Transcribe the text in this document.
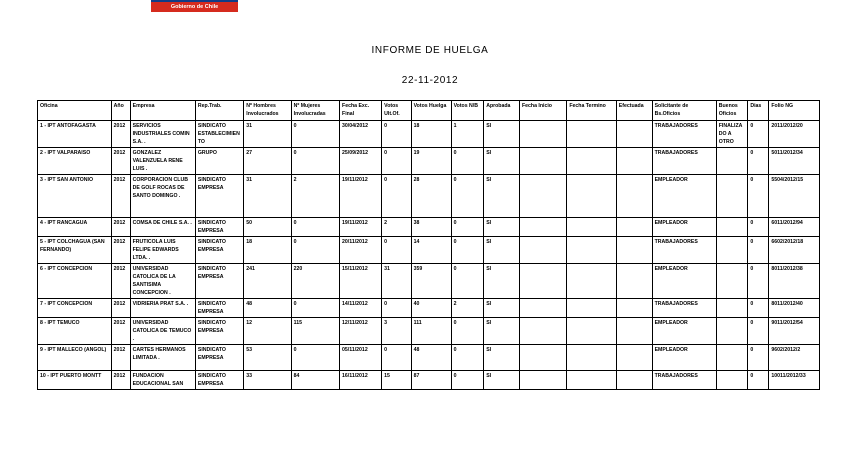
Gobierno de Chile
INFORME DE HUELGA
22-11-2012
Oficina	Año	Empresa	Rep.Trab.	Nº Hombres Involucrados	Nº Mujeres Involucradas	Fecha Exc. Final	Votos Ult.Of.	Votos Huelga	Votos N/B	Aprobada	Fecha Inicio	Fecha Termino	Efectuada	Solicitante de Bs.Oficios	Buenos Oficios	Dias	Folio NG
1 - IPT ANTOFAGASTA	2012	SERVICIOS INDUSTRIALES COMIN S.A. .	SINDICATO ESTABLECIMIENTO	31	0	30/04/2012	0	18	1	SI				TRABAJADORES	FINALIZADO A OTRO	0	2011/2012/20
2 - IPT VALPARAISO	2012	GONZALEZ VALENZUELA RENE LUIS .	GRUPO	27	0	25/09/2012	0	19	0	SI				TRABAJADORES		0	5011/2012/34
3 - IPT SAN ANTONIO	2012	CORPORACION CLUB DE GOLF ROCAS DE SANTO DOMINGO .	SINDICATO EMPRESA	31	2	19/11/2012	0	28	0	SI				EMPLEADOR		0	5504/2012/15
4 - IPT RANCAGUA	2012	COMSA DE CHILE S.A. .	SINDICATO EMPRESA	50	0	19/11/2012	2	38	0	SI				EMPLEADOR		0	6011/2012/94
5 - IPT COLCHAGUA (SAN FERNANDO)	2012	FRUTICOLA LUIS FELIPE EDWARDS LTDA. .	SINDICATO EMPRESA	18	0	20/11/2012	0	14	0	SI				TRABAJADORES		0	6602/2012/18
6 - IPT CONCEPCION	2012	UNIVERSIDAD CATOLICA DE LA SANTISIMA CONCEPCION .	SINDICATO EMPRESA	241	220	15/11/2012	31	359	0	SI				EMPLEADOR		0	8011/2012/38
7 - IPT CONCEPCION	2012	VIDRIERIA PRAT S.A. .	SINDICATO EMPRESA	48	0	14/11/2012	0	40	2	SI				TRABAJADORES		0	8011/2012/40
8 - IPT TEMUCO	2012	UNIVERSIDAD CATOLICA DE TEMUCO .	SINDICATO EMPRESA	12	115	12/11/2012	3	111	0	SI				EMPLEADOR		0	9011/2012/54
9 - IPT MALLECO (ANGOL)	2012	CARTES HERMANOS LIMITADA .	SINDICATO EMPRESA	53	0	05/11/2012	0	48	0	SI				EMPLEADOR		0	9602/2012/2
10 - IPT PUERTO MONTT	2012	FUNDACION EDUCACIONAL SAN	SINDICATO EMPRESA	33	84	16/11/2012	15	87	0	SI				TRABAJADORES		0	10011/2012/33
